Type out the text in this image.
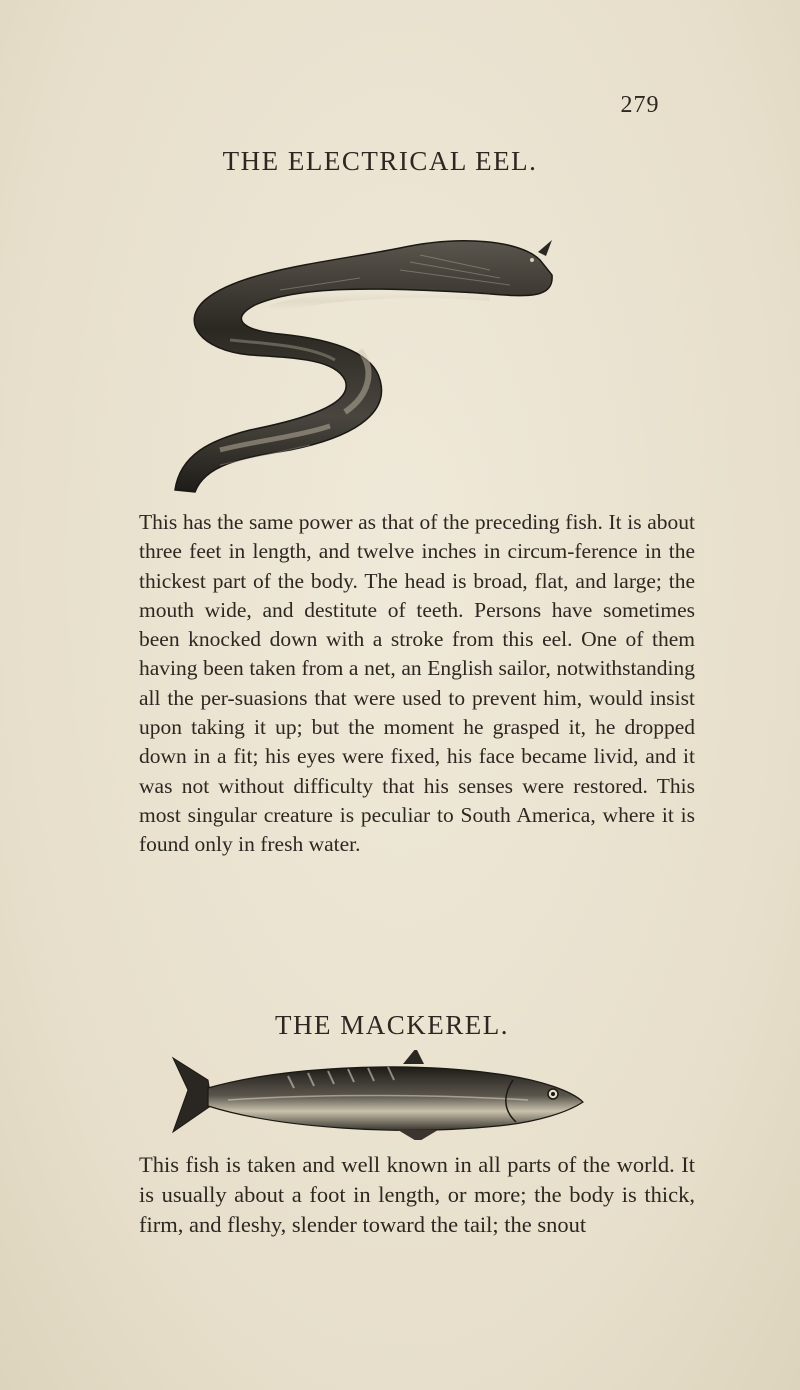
279
THE ELECTRICAL EEL.

This has the same power as that of the preceding fish. It is about three feet in length, and twelve inches in circum-ference in the thickest part of the body. The head is broad, flat, and large; the mouth wide, and destitute of teeth. Persons have sometimes been knocked down with a stroke from this eel. One of them having been taken from a net, an English sailor, notwithstanding all the per-suasions that were used to prevent him, would insist upon taking it up; but the moment he grasped it, he dropped down in a fit; his eyes were fixed, his face became livid, and it was not without difficulty that his senses were restored. This most singular creature is peculiar to South America, where it is found only in fresh water.

THE MACKEREL.

This fish is taken and well known in all parts of the world. It is usually about a foot in length, or more; the body is thick, firm, and fleshy, slender toward the tail; the snout
